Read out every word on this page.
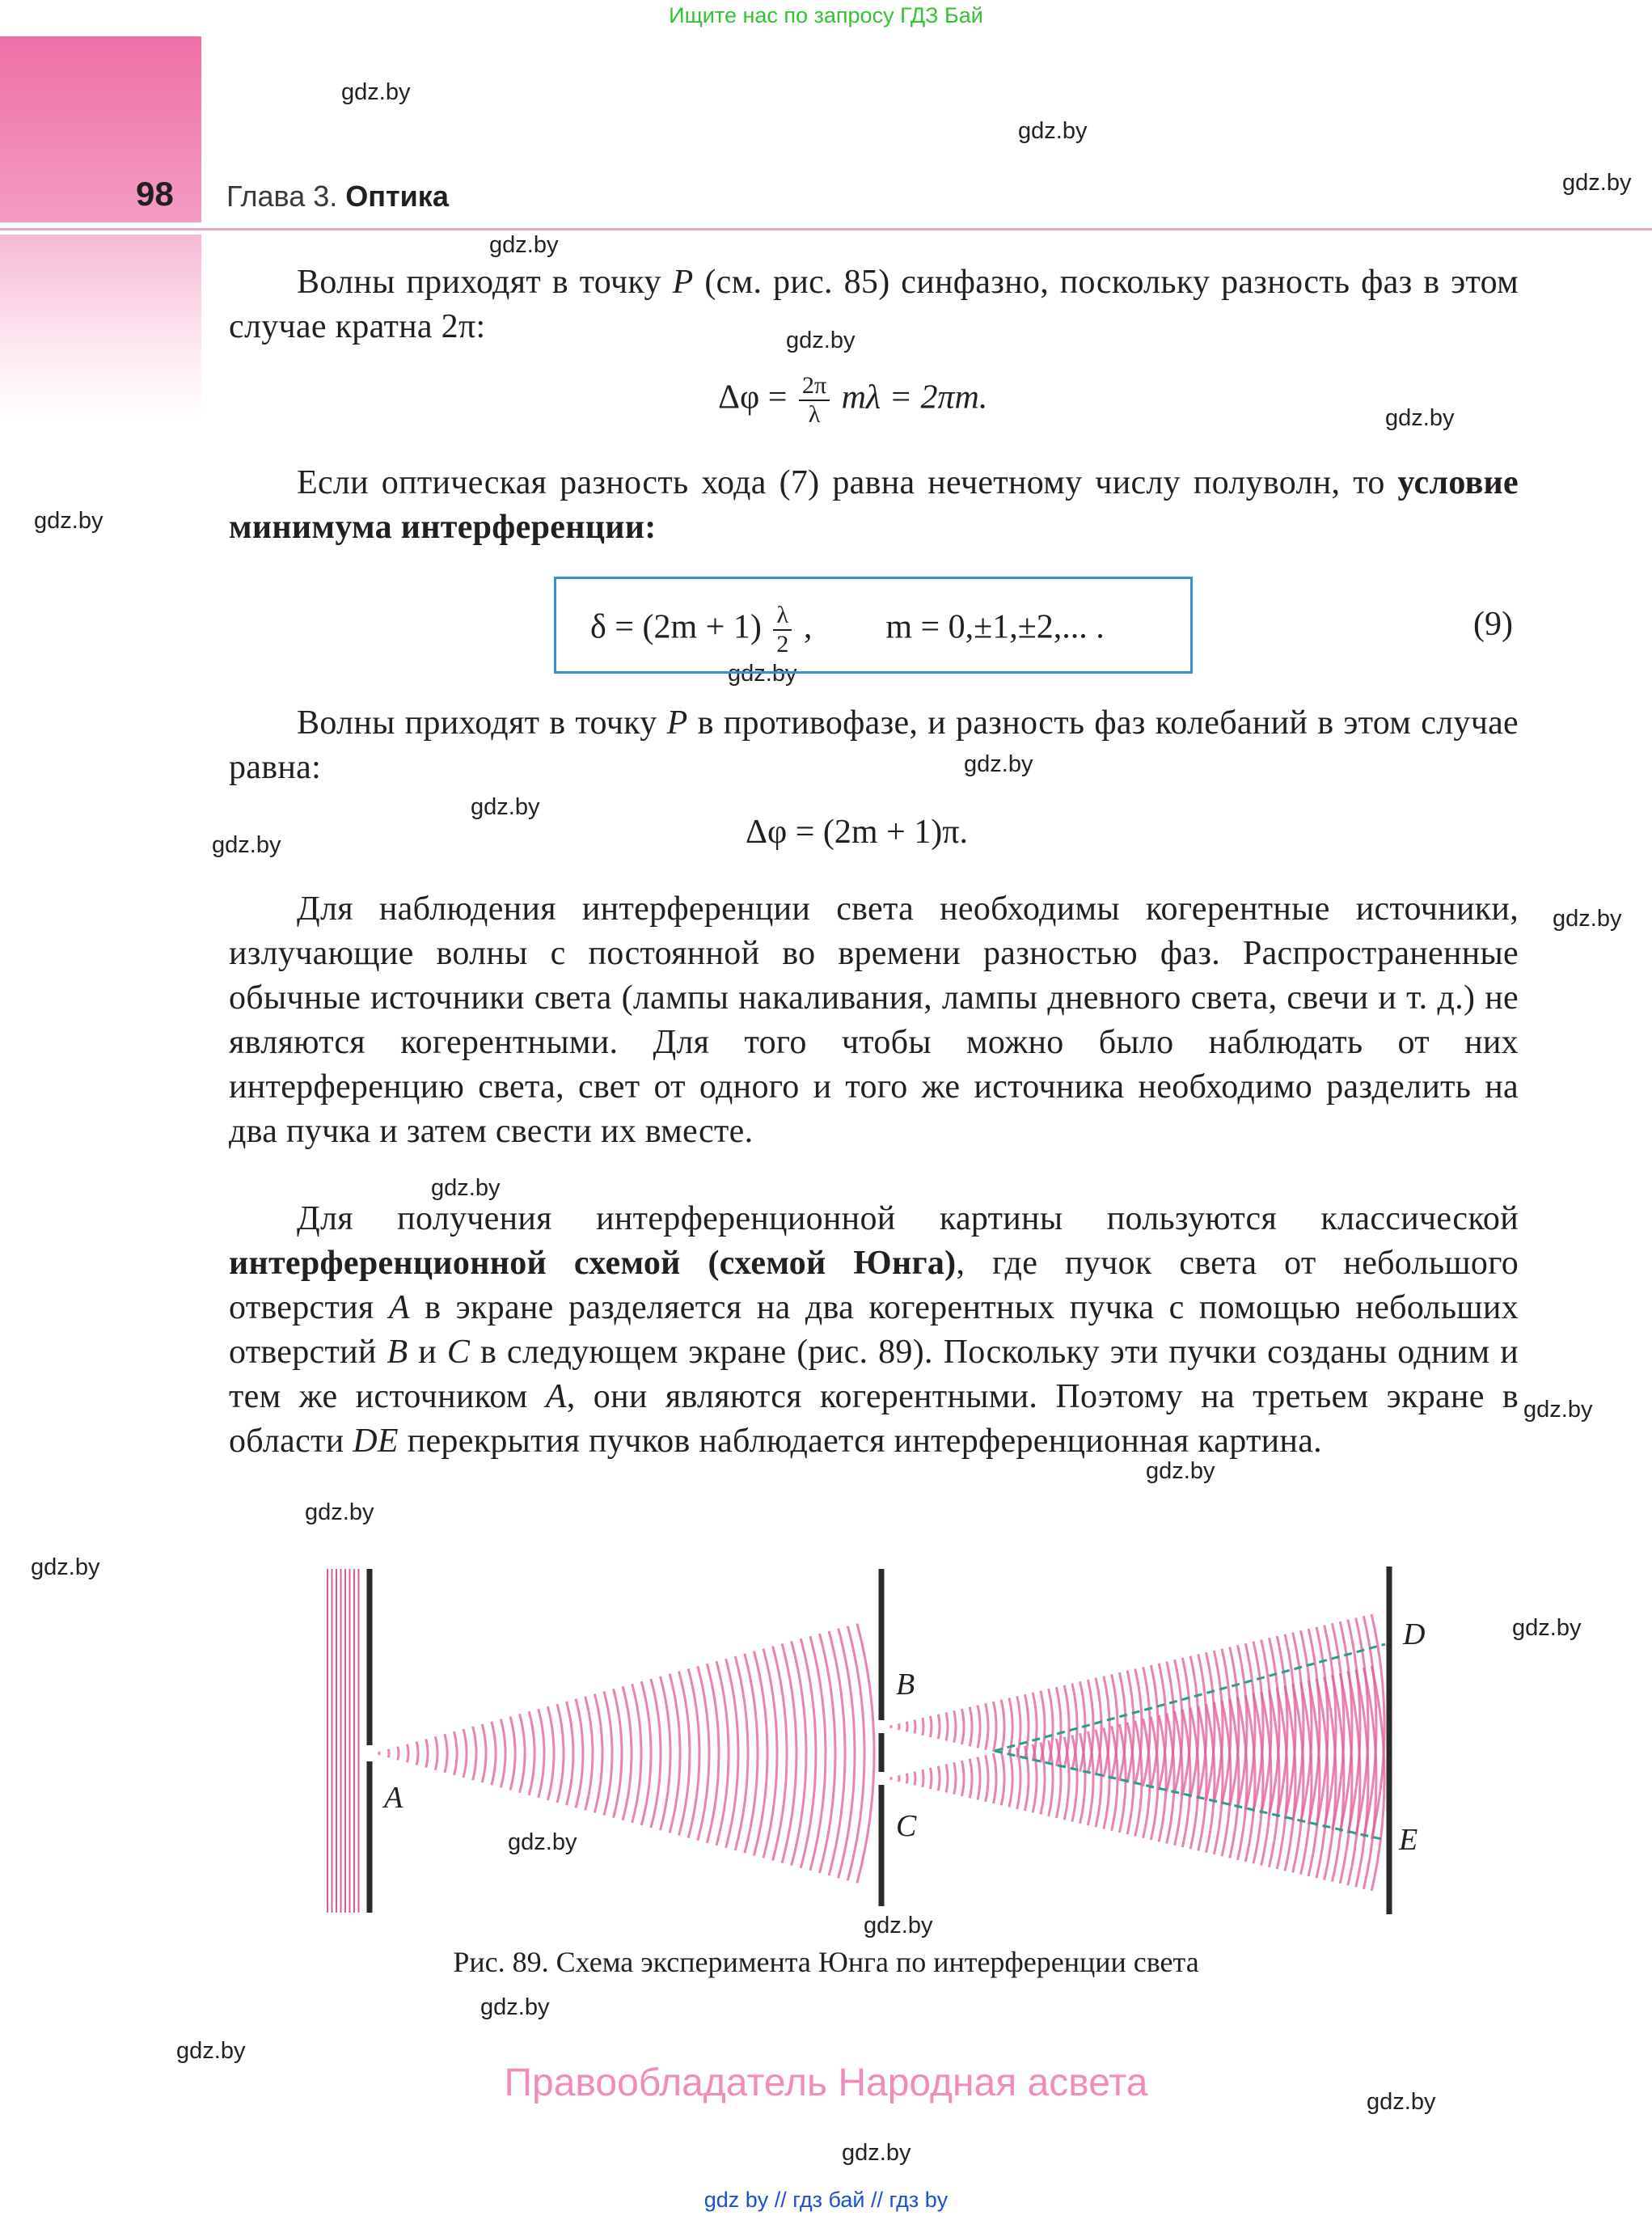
Ищите нас по запросу ГДЗ Бай
98 Глава 3. Оптика
gdz.by
gdz.by
gdz.by
gdz.by
gdz.by
gdz.by
gdz.by
gdz.by
gdz.by
gdz.by
gdz.by
gdz.by
gdz.by
gdz.by
gdz.by
gdz.by
gdz.by
gdz.by
gdz.by
gdz.by
gdz.by
gdz.by
gdz.by
gdz.by
Волны приходят в точку P (см. рис. 85) синфазно, поскольку разность фаз в этом случае кратна 2π:
$\Delta\varphi = \frac{2\pi}{\lambda}$ mλ = 2πm.
Если оптическая разность хода (7) равна нечетному числу полуволн, то условие минимума интерференции:
$\delta = (2m + 1) \frac{\lambda}{2}$ , m = 0,±1,±2,... .	(9)
Волны приходят в точку P в противофазе, и разность фаз колебаний в этом случае равна:
Δφ = (2m + 1)π.
Для наблюдения интерференции света необходимы когерентные источники, излучающие волны с постоянной во времени разностью фаз. Распространенные обычные источники света (лампы накаливания, лампы дневного света, свечи и т. д.) не являются когерентными. Для того чтобы можно было наблюдать от них интерференцию света, свет от одного и того же источника необходимо разделить на два пучка и затем свести их вместе.
Для получения интерференционной картины пользуются классической интерференционной схемой (схемой Юнга), где пучок света от небольшого отверстия A в экране разделяется на два когерентных пучка с помощью небольших отверстий B и C в следующем экране (рис. 89). Поскольку эти пучки созданы одним и тем же источником A, они являются когерентными. Поэтому на третьем экране в области DE перекрытия пучков наблюдается интерференционная картина.
A
B
C
D
E
Рис. 89. Схема эксперимента Юнга по интерференции света
Правообладатель Народная асвета
gdz by // гдз бай // гдз by
